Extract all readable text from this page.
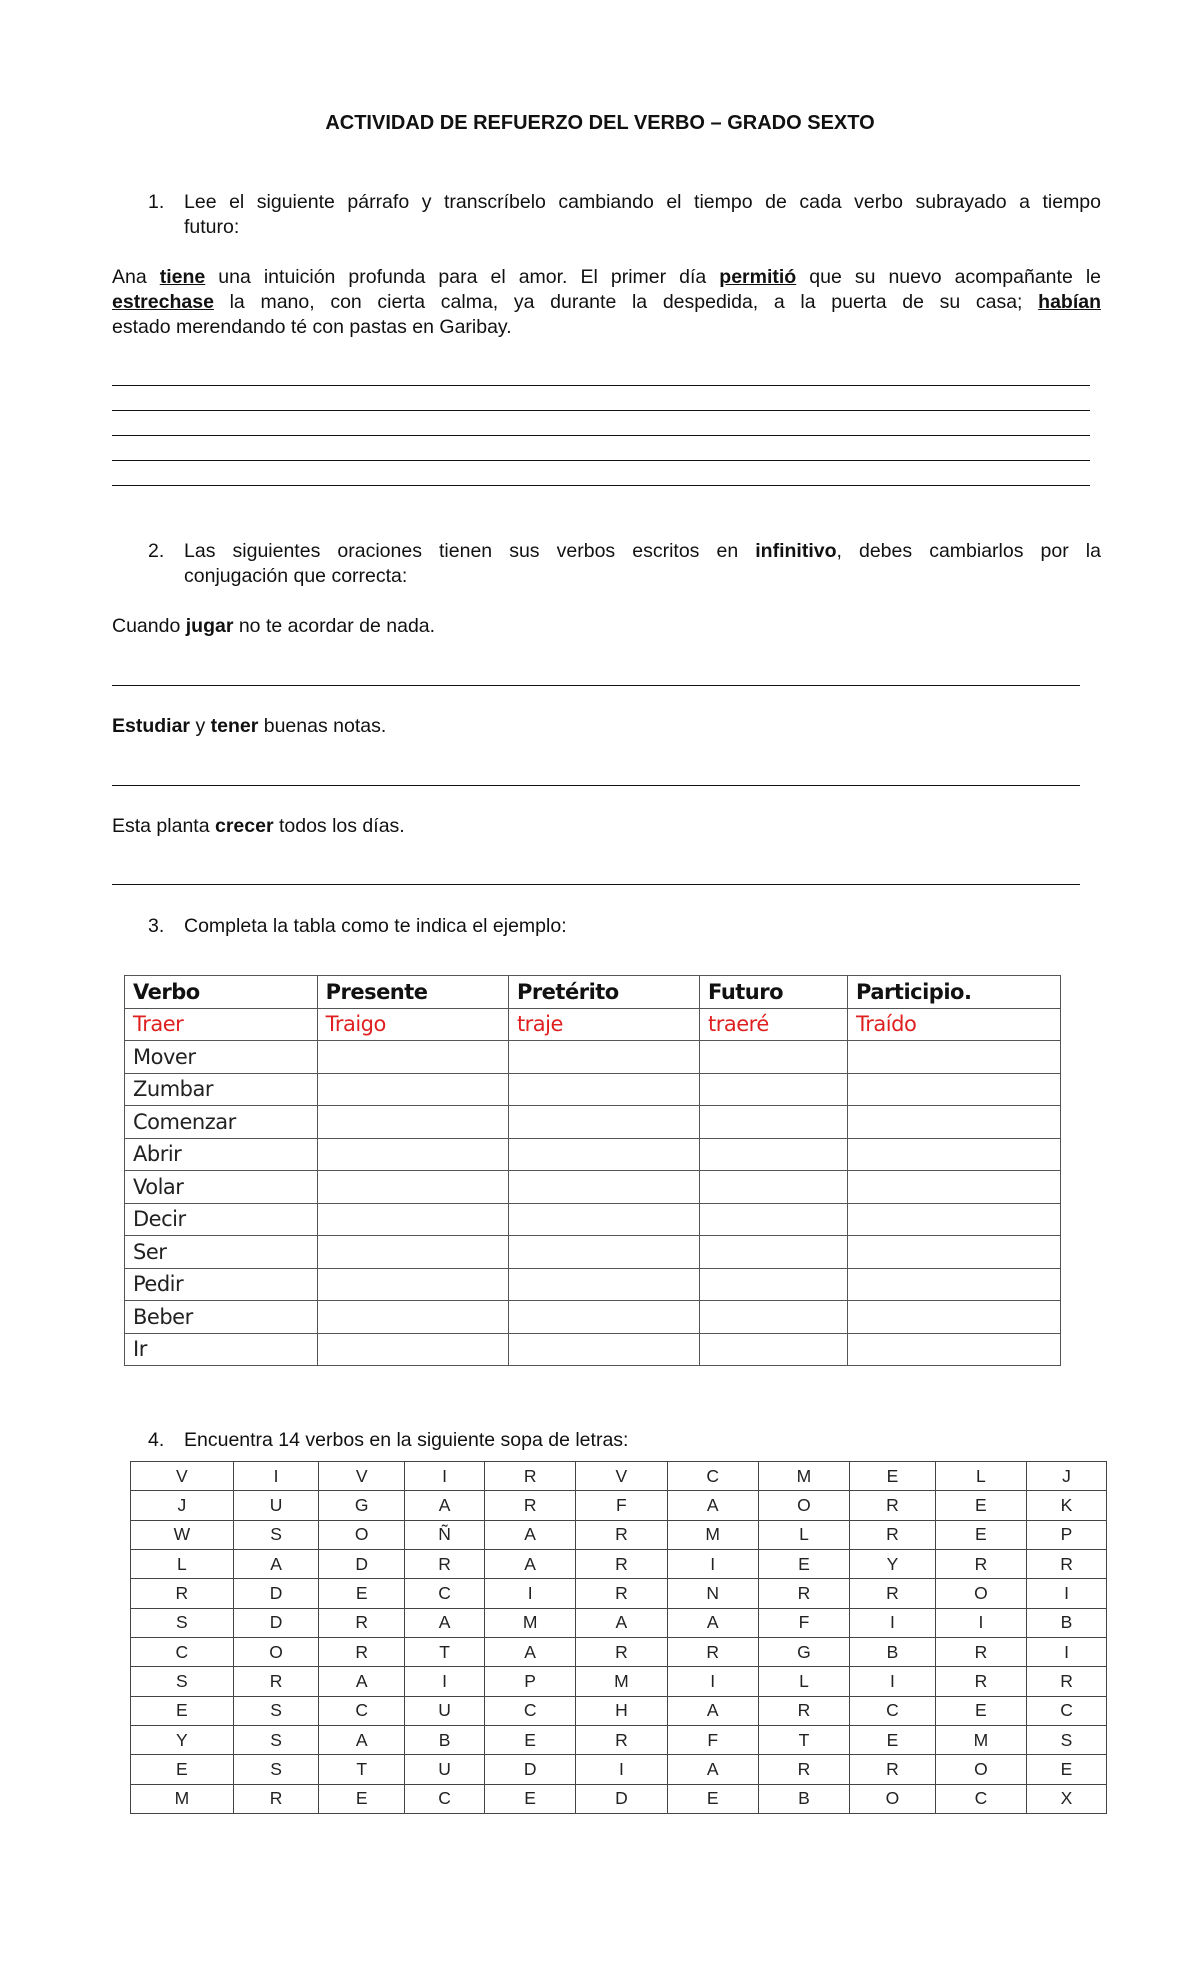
ACTIVIDAD DE REFUERZO DEL VERBO – GRADO SEXTO
1.	Lee el siguiente párrafo y transcríbelo cambiando el tiempo de cada verbo subrayado a tiempo
futuro:
Ana tiene una intuición profunda para el amor. El primer día permitió que su nuevo acompañante le
estrechase la mano, con cierta calma, ya durante la despedida, a la puerta de su casa; habían
estado merendando té con pastas en Garibay.
2.	Las siguientes oraciones tienen sus verbos escritos en infinitivo, debes cambiarlos por la
conjugación que correcta:
Cuando jugar no te acordar de nada.
Estudiar y tener buenas notas.
Esta planta crecer todos los días.
3.	Completa la tabla como te indica el ejemplo:
Verbo	Presente	Pretérito	Futuro	Participio.
Traer	Traigo	traje	traeré	Traído
Mover				
Zumbar				
Comenzar				
Abrir				
Volar				
Decir				
Ser				
Pedir				
Beber				
Ir				
4.	Encuentra 14 verbos en la siguiente sopa de letras:
V	I	V	I	R	V	C	M	E	L	J
J	U	G	A	R	F	A	O	R	E	K
W	S	O	Ñ	A	R	M	L	R	E	P
L	A	D	R	A	R	I	E	Y	R	R
R	D	E	C	I	R	N	R	R	O	I
S	D	R	A	M	A	A	F	I	I	B
C	O	R	T	A	R	R	G	B	R	I
S	R	A	I	P	M	I	L	I	R	R
E	S	C	U	C	H	A	R	C	E	C
Y	S	A	B	E	R	F	T	E	M	S
E	S	T	U	D	I	A	R	R	O	E
M	R	E	C	E	D	E	B	O	C	X
